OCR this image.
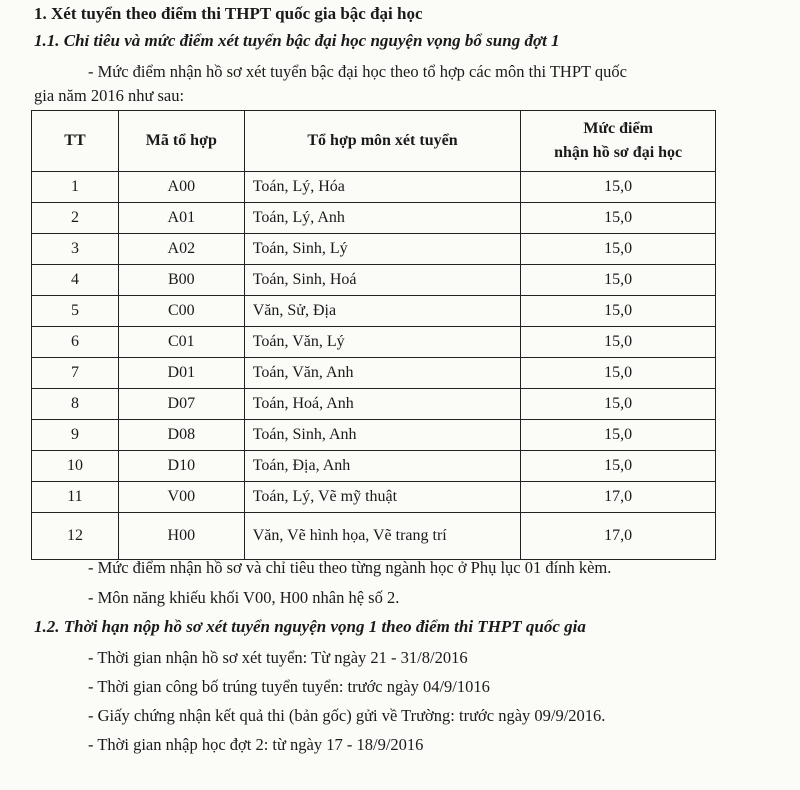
1. Xét tuyển theo điểm thi THPT quốc gia bậc đại học
1.1. Chỉ tiêu và mức điểm xét tuyển bậc đại học nguyện vọng bổ sung đợt 1
- Mức điểm nhận hồ sơ xét tuyển bậc đại học theo tổ hợp các môn thi THPT quốc
gia năm 2016 như sau:
TT	Mã tổ hợp	Tổ hợp môn xét tuyển	Mức điểm
nhận hồ sơ đại học
1	A00	Toán, Lý, Hóa	15,0
2	A01	Toán, Lý, Anh	15,0
3	A02	Toán, Sinh, Lý	15,0
4	B00	Toán, Sinh, Hoá	15,0
5	C00	Văn, Sử, Địa	15,0
6	C01	Toán, Văn, Lý	15,0
7	D01	Toán, Văn, Anh	15,0
8	D07	Toán, Hoá, Anh	15,0
9	D08	Toán, Sinh, Anh	15,0
10	D10	Toán, Địa, Anh	15,0
11	V00	Toán, Lý, Vẽ mỹ thuật	17,0
12	H00	Văn, Vẽ hình họa, Vẽ trang trí	17,0
- Mức điểm nhận hồ sơ và chỉ tiêu theo từng ngành học ở Phụ lục 01 đính kèm.
- Môn năng khiếu khối V00, H00 nhân hệ số 2.
1.2. Thời hạn nộp hồ sơ xét tuyển nguyện vọng 1 theo điểm thi THPT quốc gia
- Thời gian nhận hồ sơ xét tuyển: Từ ngày 21 - 31/8/2016
- Thời gian công bố trúng tuyển tuyển: trước ngày 04/9/1016
- Giấy chứng nhận kết quả thi (bản gốc) gửi về Trường: trước ngày 09/9/2016.
- Thời gian nhập học đợt 2: từ ngày 17 - 18/9/2016
